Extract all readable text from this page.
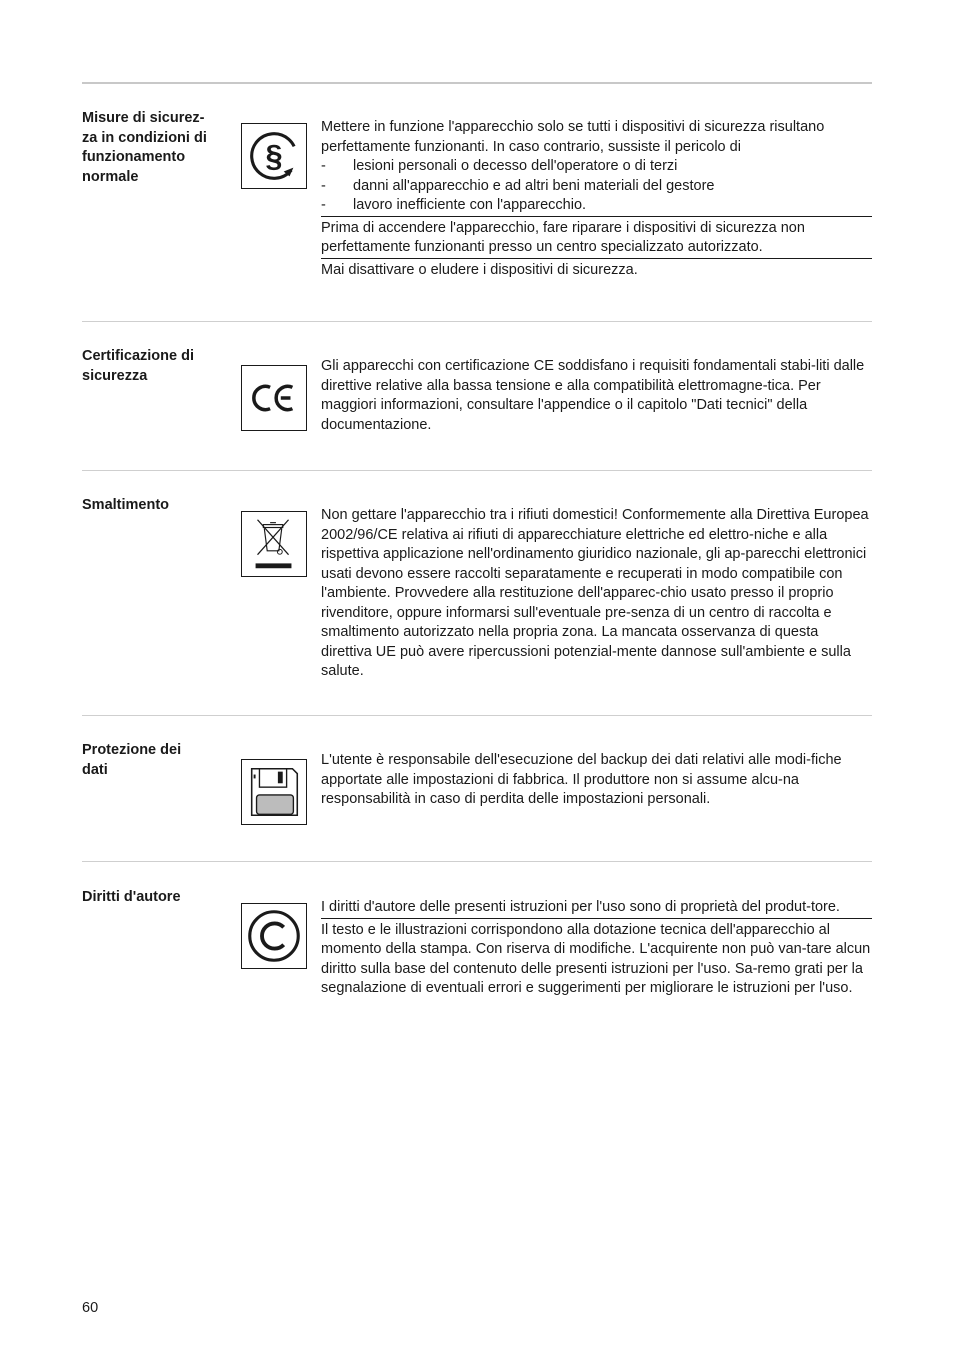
Misure di sicurez-
za in condizioni di
funzionamento
normale
§

Mettere in funzione l'apparecchio solo se tutti i dispositivi di sicurezza risultano perfettamente funzionanti. In caso contrario, sussiste il pericolo di

- lesioni personali o decesso dell'operatore o di terzi
- danni all'apparecchio e ad altri beni materiali del gestore
- lavoro inefficiente con l'apparecchio.

Prima di accendere l'apparecchio, fare riparare i dispositivi di sicurezza non perfettamente funzionanti presso un centro specializzato autorizzato.

Mai disattivare o eludere i dispositivi di sicurezza.

Certificazione di
sicurezza

Gli apparecchi con certificazione CE soddisfano i requisiti fondamentali stabi-liti dalle direttive relative alla bassa tensione e alla compatibilità elettromagne-tica. Per maggiori informazioni, consultare l'appendice o il capitolo "Dati tecnici" della documentazione.

Smaltimento

Non gettare l'apparecchio tra i rifiuti domestici! Conformemente alla Direttiva Europea 2002/96/CE relativa ai rifiuti di apparecchiature elettriche ed elettro-niche e alla rispettiva applicazione nell'ordinamento giuridico nazionale, gli ap-parecchi elettronici usati devono essere raccolti separatamente e recuperati in modo compatibile con l'ambiente. Provvedere alla restituzione dell'apparec-chio usato presso il proprio rivenditore, oppure informarsi sull'eventuale pre-senza di un centro di raccolta e smaltimento autorizzato nella propria zona. La mancata osservanza di questa direttiva UE può avere ripercussioni potenzial-mente dannose sull'ambiente e sulla salute.

Protezione dei
dati

L'utente è responsabile dell'esecuzione del backup dei dati relativi alle modi-fiche apportate alle impostazioni di fabbrica. Il produttore non si assume alcu-na responsabilità in caso di perdita delle impostazioni personali.

Diritti d'autore

I diritti d'autore delle presenti istruzioni per l'uso sono di proprietà del produt-tore.

Il testo e le illustrazioni corrispondono alla dotazione tecnica dell'apparecchio al momento della stampa. Con riserva di modifiche. L'acquirente non può van-tare alcun diritto sulla base del contenuto delle presenti istruzioni per l'uso. Sa-remo grati per la segnalazione di eventuali errori e suggerimenti per migliorare le istruzioni per l'uso.

60
